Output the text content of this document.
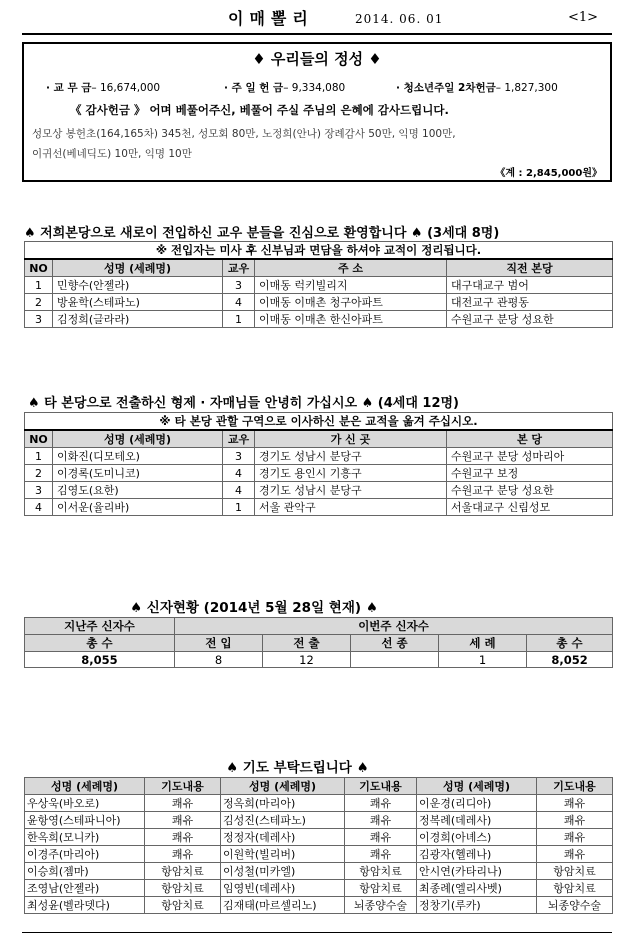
이매뽈리	2014. 06. 01	<1>
♦ 우리들의 정성 ♦
· 교 무 금– 16,674,000	· 주 일 헌 금– 9,334,080	· 청소년주일 2차헌금– 1,827,300
《 감사헌금 》 어며 베풀어주신, 베풀어 주실 주님의 은혜에 감사드립니다.
성모상 봉헌초(164,165차) 345천, 성모회 80만, 노정희(안나) 장례감사 50만, 익명 100만,
이귀선(베네딕도) 10만, 익명 10만
《계 : 2,845,000원》
♠ 저희본당으로 새로이 전입하신 교우 분들을 진심으로 환영합니다 ♠ (3세대 8명)
※ 전입자는 미사 후 신부님과 면담을 하셔야 교적이 정리됩니다.				
NO	성명 (세례명)	교우	주 소	직전 본당
1	민향수(안젤라)	3	이매동 럭키빌리지	대구대교구 범어
2	방윤학(스테파노)	4	이매동 이매촌 청구아파트	대전교구 관평동
3	김정희(글라라)	1	이매동 이매촌 한신아파트	수원교구 분당 성요한
♠ 타 본당으로 전출하신 형제 · 자매님들 안녕히 가십시오 ♠ (4세대 12명)
※ 타 본당 관할 구역으로 이사하신 분은 교적을 옮겨 주십시오.				
NO	성명 (세례명)	교우	가 신 곳	본 당
1	이화진(디모테오)	3	경기도 성남시 분당구	수원교구 분당 성마리아
2	이경록(도미니코)	4	경기도 용인시 기흥구	수원교구 보정
3	김영도(요한)	4	경기도 성남시 분당구	수원교구 분당 성요한
4	이서운(율리바)	1	서울 관악구	서울대교구 신림성모
♠ 신자현황 (2014년 5월 28일 현재) ♠
지난주 신자수	이번주 신자수				
총 수	전 입	전 출	선 종	세 례	총 수
8,055	8	12		1	8,052
♠ 기도 부탁드립니다 ♠
성명 (세례명)	기도내용	성명 (세례명)	기도내용	성명 (세례명)	기도내용
우상욱(바오로)	쾌유	정옥희(마리아)	쾌유	이운경(리디아)	쾌유
윤항영(스테파니아)	쾌유	김성진(스테파노)	쾌유	정복례(데레사)	쾌유
한옥희(모니카)	쾌유	정정자(데레사)	쾌유	이경희(아녜스)	쾌유
이경주(마리아)	쾌유	이원학(빌리버)	쾌유	김광자(헬레나)	쾌유
이승희(젬마)	항암치료	이성철(미카엘)	항암치료	안시연(카타리나)	항암치료
조영남(안젤라)	항암치료	임영빈(데레사)	항암치료	최종례(엘리사벳)	항암치료
최성윤(벨라뎃다)	항암치료	김재태(마르셀리노)	뇌종양수술	정창기(루카)	뇌종양수술
